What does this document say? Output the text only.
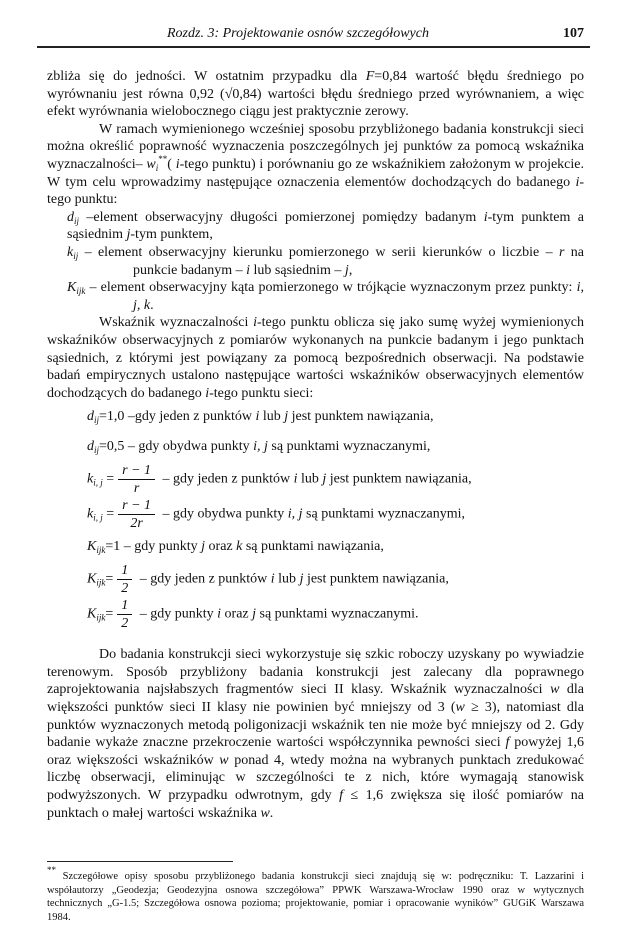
Rozdz. 3: Projektowanie osnów szczegółowych	107
zbliża się do jedności. W ostatnim przypadku dla F=0,84 wartość błędu średniego po wyrównaniu jest równa 0,92 (√0,84) wartości błędu średniego przed wyrównaniem, a więc efekt wyrównania wielobocznego ciągu jest praktycznie zerowy.
W ramach wymienionego wcześniej sposobu przybliżonego badania konstrukcji sieci można określić poprawność wyznaczenia poszczególnych jej punktów za pomocą wskaźnika wyznaczalności– $w_i^{**}$( i-tego punktu) i porównaniu go ze wskaźnikiem założonym w projekcie. W tym celu wprowadzimy następujące oznaczenia elementów dochodzących do badanego i-tego punktu:
$d_{ij}$ –element obserwacyjny długości pomierzonej pomiędzy badanym i-tym punktem a sąsiednim j-tym punktem,
$k_{ij}$ – element obserwacyjny kierunku pomierzonego w serii kierunków o liczbie – r na punkcie badanym – i lub sąsiednim – j,
$K_{ijk}$ – element obserwacyjny kąta pomierzonego w trójkącie wyznaczonym przez punkty: i, j, k.
Wskaźnik wyznaczalności i-tego punktu oblicza się jako sumę wyżej wymienionych wskaźników obserwacyjnych z pomiarów wykonanych na punkcie badanym i jego punktach sąsiednich, z którymi jest powiązany za pomocą bezpośrednich obserwacji. Na podstawie badań empirycznych ustalono następujące wartości wskaźników obserwacyjnych elementów dochodzących do badanego i-tego punktu sieci:
$d_{ij}=1,0$ –gdy jeden z punktów i lub j jest punktem nawiązania,
$d_{ij}=0,5$ – gdy obydwa punkty i, j są punktami wyznaczanymi,
$k_{i, j} = \frac{r - 1}{r}$ – gdy jeden z punktów i lub j jest punktem nawiązania,
$k_{i, j} = \frac{r - 1}{2r}$ – gdy obydwa punkty i, j są punktami wyznaczanymi,
$K_{ijk}=1$ – gdy punkty j oraz k są punktami nawiązania,
$K_{ijk}= \frac{1}{2}$ – gdy jeden z punktów i lub j jest punktem nawiązania,
$K_{ijk}= \frac{1}{2}$ – gdy punkty i oraz j są punktami wyznaczanymi.
Do badania konstrukcji sieci wykorzystuje się szkic roboczy uzyskany po wywiadzie terenowym. Sposób przybliżony badania konstrukcji jest zalecany dla poprawnego zaprojektowania najsłabszych fragmentów sieci II klasy. Wskaźnik wyznaczalności w dla większości punktów sieci II klasy nie powinien być mniejszy od 3 (w ≥ 3), natomiast dla punktów wyznaczonych metodą poligonizacji wskaźnik ten nie może być mniejszy od 2. Gdy badanie wykaże znaczne przekroczenie wartości współczynnika pewności sieci f powyżej 1,6 oraz większości wskaźników w ponad 4, wtedy można na wybranych punktach zredukować liczbę obserwacji, eliminując w szczególności te z nich, które wymagają stanowisk podwyższonych. W przypadku odwrotnym, gdy f ≤ 1,6 zwiększa się ilość pomiarów na punktach o małej wartości wskaźnika w.
** Szczegółowe opisy sposobu przybliżonego badania konstrukcji sieci znajdują się w: podręczniku: T. Lazzarini i współautorzy „Geodezja; Geodezyjna osnowa szczegółowa” PPWK Warszawa-Wrocław 1990 oraz w wytycznych technicznych „G-1.5; Szczegółowa osnowa pozioma; projektowanie, pomiar i opracowanie wyników” GUGiK Warszawa 1984.
